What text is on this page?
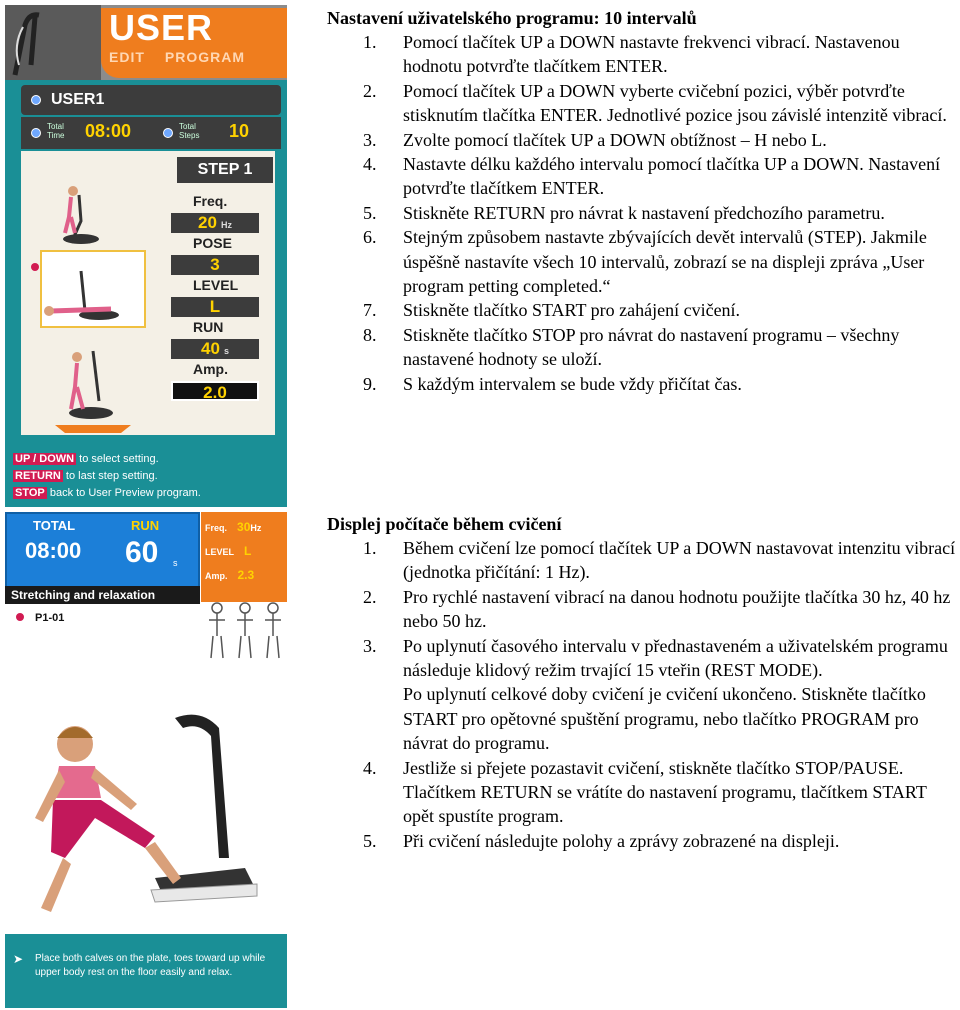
USER
EDIT PROGRAM
USER1
Total Time	08:00	Total Steps	10
STEP 1
Freq.
20 Hz
POSE
3
LEVEL
L
RUN
40 s
Amp.
2.0
UP / DOWN to select setting.
RETURN to last step setting.
STOP back to User Preview program.
TOTAL
08:00
RUN
60 s
Stretching and relaxation
Freq. 30Hz
LEVEL L
Amp. 2.3
P1-01
➤ Place both calves on the plate, toes toward up while upper body rest on the floor easily and relax.
Nastavení uživatelského programu: 10 intervalů
1. Pomocí tlačítek UP a DOWN nastavte frekvenci vibrací. Nastavenou hodnotu potvrďte tlačítkem ENTER.
2. Pomocí tlačítek UP a DOWN vyberte cvičební pozici, výběr potvrďte stisknutím tlačítka ENTER. Jednotlivé pozice jsou závislé intenzitě vibrací.
3. Zvolte pomocí tlačítek UP a DOWN obtížnost – H nebo L.
4. Nastavte délku každého intervalu pomocí tlačítka UP a DOWN. Nastavení potvrďte tlačítkem ENTER.
5. Stiskněte RETURN pro návrat k nastavení předchozího parametru.
6. Stejným způsobem nastavte zbývajících devět intervalů (STEP). Jakmile úspěšně nastavíte všech 10 intervalů, zobrazí se na displeji zpráva „User program petting completed.“
7. Stiskněte tlačítko START pro zahájení cvičení.
8. Stiskněte tlačítko STOP pro návrat do nastavení programu – všechny nastavené hodnoty se uloží.
9. S každým intervalem se bude vždy přičítat čas.
Displej počítače během cvičení
1. Během cvičení lze pomocí tlačítek UP a DOWN nastavovat intenzitu vibrací (jednotka přičítání: 1 Hz).
2. Pro rychlé nastavení vibrací na danou hodnotu použijte tlačítka 30 hz, 40 hz nebo 50 hz.
3. Po uplynutí časového intervalu v přednastaveném a uživatelském programu následuje klidový režim trvající 15 vteřin (REST MODE).
Po uplynutí celkové doby cvičení je cvičení ukončeno. Stiskněte tlačítko START pro opětovné spuštění programu, nebo tlačítko PROGRAM pro návrat do programu.
4. Jestliže si přejete pozastavit cvičení, stiskněte tlačítko STOP/PAUSE. Tlačítkem RETURN se vrátíte do nastavení programu, tlačítkem START opět spustíte program.
5. Při cvičení následujte polohy a zprávy zobrazené na displeji.
